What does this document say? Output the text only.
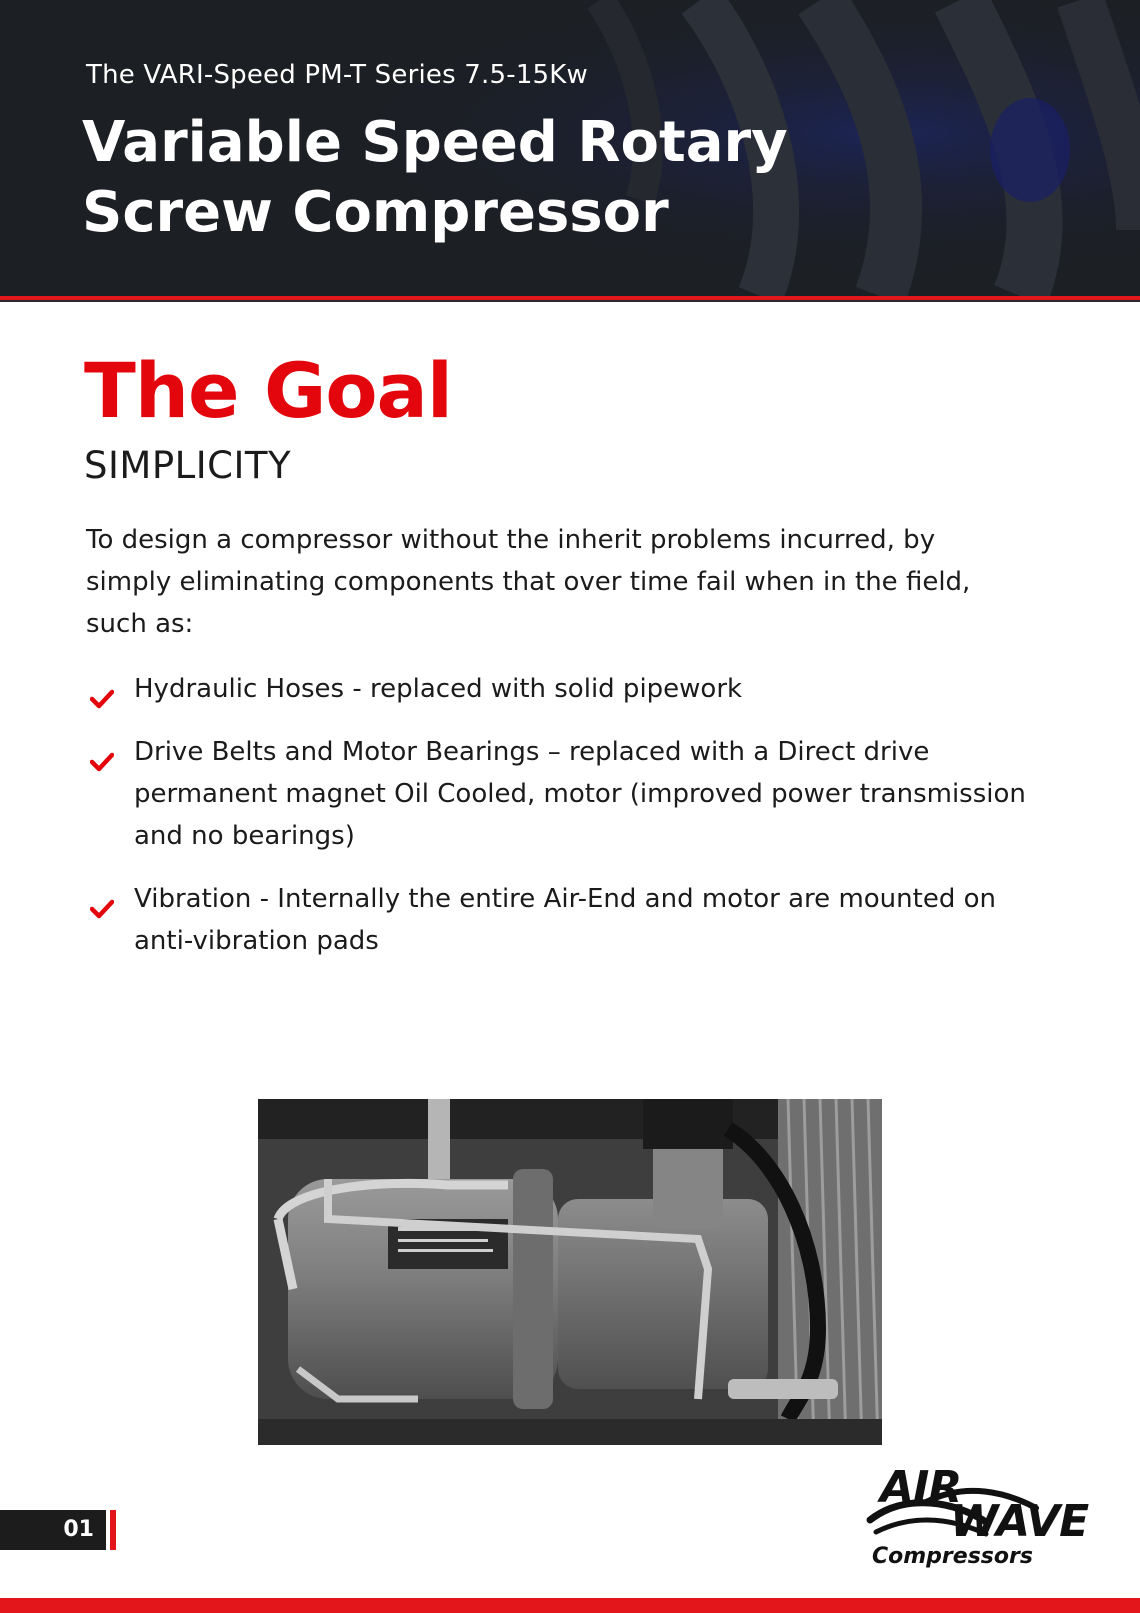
The VARI-Speed PM-T Series 7.5-15Kw
Variable Speed Rotary
Screw Compressor
The Goal
SIMPLICITY

To design a compressor without the inherit problems incurred, by simply eliminating components that over time fail when in the field, such as:

Hydraulic Hoses - replaced with solid pipework
Drive Belts and Motor Bearings – replaced with a Direct drive permanent magnet Oil Cooled, motor (improved power transmission and no bearings)
Vibration - Internally the entire Air-End and motor are mounted on anti-vibration pads
01
AIR
WAVE
Compressors
